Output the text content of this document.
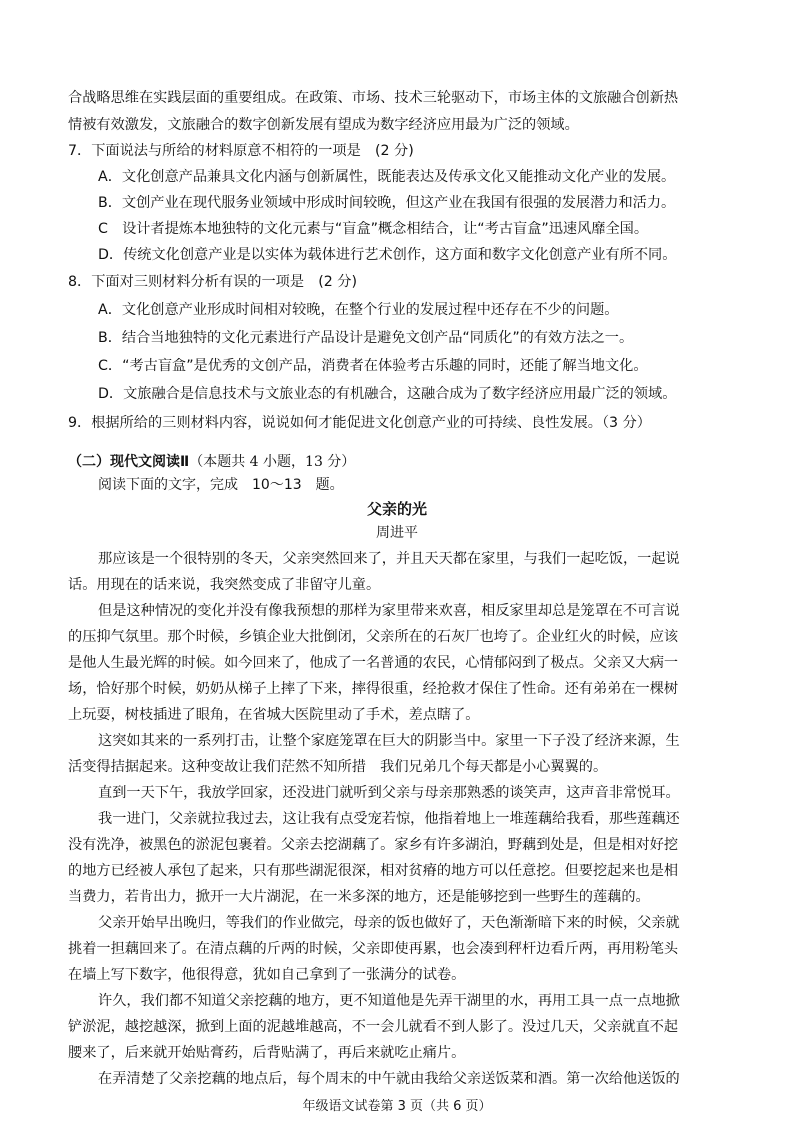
合战略思维在实践层面的重要组成。在政策、市场、技术三轮驱动下，市场主体的文旅融合创新热
情被有效激发，文旅融合的数字创新发展有望成为数字经济应用最为广泛的领域。
7．下面说法与所给的材料原意不相符的一项是　(2 分)
A．文化创意产品兼具文化内涵与创新属性，既能表达及传承文化又能推动文化产业的发展。
B．文创产业在现代服务业领域中形成时间较晚，但这产业在我国有很强的发展潜力和活力。
C　设计者提炼本地独特的文化元素与“盲盒”概念相结合，让“考古盲盒”迅速风靡全国。
D．传统文化创意产业是以实体为载体进行艺术创作，这方面和数字文化创意产业有所不同。
8．下面对三则材料分析有误的一项是　(2 分)
A．文化创意产业形成时间相对较晚，在整个行业的发展过程中还存在不少的问题。
B．结合当地独特的文化元素进行产品设计是避免文创产品“同质化”的有效方法之一。
C．“考古盲盒”是优秀的文创产品，消费者在体验考古乐趣的同时，还能了解当地文化。
D．文旅融合是信息技术与文旅业态的有机融合，这融合成为了数字经济应用最广泛的领域。
9．根据所给的三则材料内容，说说如何才能促进文化创意产业的可持续、良性发展。（3 分）
（二）现代文阅读Ⅱ（本题共 4 小题，13 分）
阅读下面的文字，完成　10～13　题。
父亲的光
周进平
那应该是一个很特别的冬天，父亲突然回来了，并且天天都在家里，与我们一起吃饭，一起说
话。用现在的话来说，我突然变成了非留守儿童。
但是这种情况的变化并没有像我预想的那样为家里带来欢喜，相反家里却总是笼罩在不可言说
的压抑气氛里。那个时候，乡镇企业大批倒闭，父亲所在的石灰厂也垮了。企业红火的时候，应该
是他人生最光辉的时候。如今回来了，他成了一名普通的农民，心情郁闷到了极点。父亲又大病一
场，恰好那个时候，奶奶从梯子上摔了下来，摔得很重，经抢救才保住了性命。还有弟弟在一棵树
上玩耍，树枝插进了眼角，在省城大医院里动了手术，差点瞎了。
这突如其来的一系列打击，让整个家庭笼罩在巨大的阴影当中。家里一下子没了经济来源，生
活变得拮据起来。这种变故让我们茫然不知所措　我们兄弟几个每天都是小心翼翼的。
直到一天下午，我放学回家，还没进门就听到父亲与母亲那熟悉的谈笑声，这声音非常悦耳。
我一进门，父亲就拉我过去，这让我有点受宠若惊，他指着地上一堆莲藕给我看，那些莲藕还
没有洗净，被黑色的淤泥包裹着。父亲去挖湖藕了。家乡有许多湖泊，野藕到处是，但是相对好挖
的地方已经被人承包了起来，只有那些湖泥很深，相对贫瘠的地方可以任意挖。但要挖起来也是相
当费力，若肯出力，掀开一大片湖泥，在一米多深的地方，还是能够挖到一些野生的莲藕的。
父亲开始早出晚归，等我们的作业做完，母亲的饭也做好了，天色渐渐暗下来的时候，父亲就
挑着一担藕回来了。在清点藕的斤两的时候，父亲即使再累，也会凑到秤杆边看斤两，再用粉笔头
在墙上写下数字，他很得意，犹如自己拿到了一张满分的试卷。
许久，我们都不知道父亲挖藕的地方，更不知道他是先弄干湖里的水，再用工具一点一点地掀
铲淤泥，越挖越深，掀到上面的泥越堆越高，不一会儿就看不到人影了。没过几天，父亲就直不起
腰来了，后来就开始贴膏药，后背贴满了，再后来就吃止痛片。
在弄清楚了父亲挖藕的地点后，每个周末的中午就由我给父亲送饭菜和酒。第一次给他送饭的
年级语文试卷第 3 页（共 6 页）
